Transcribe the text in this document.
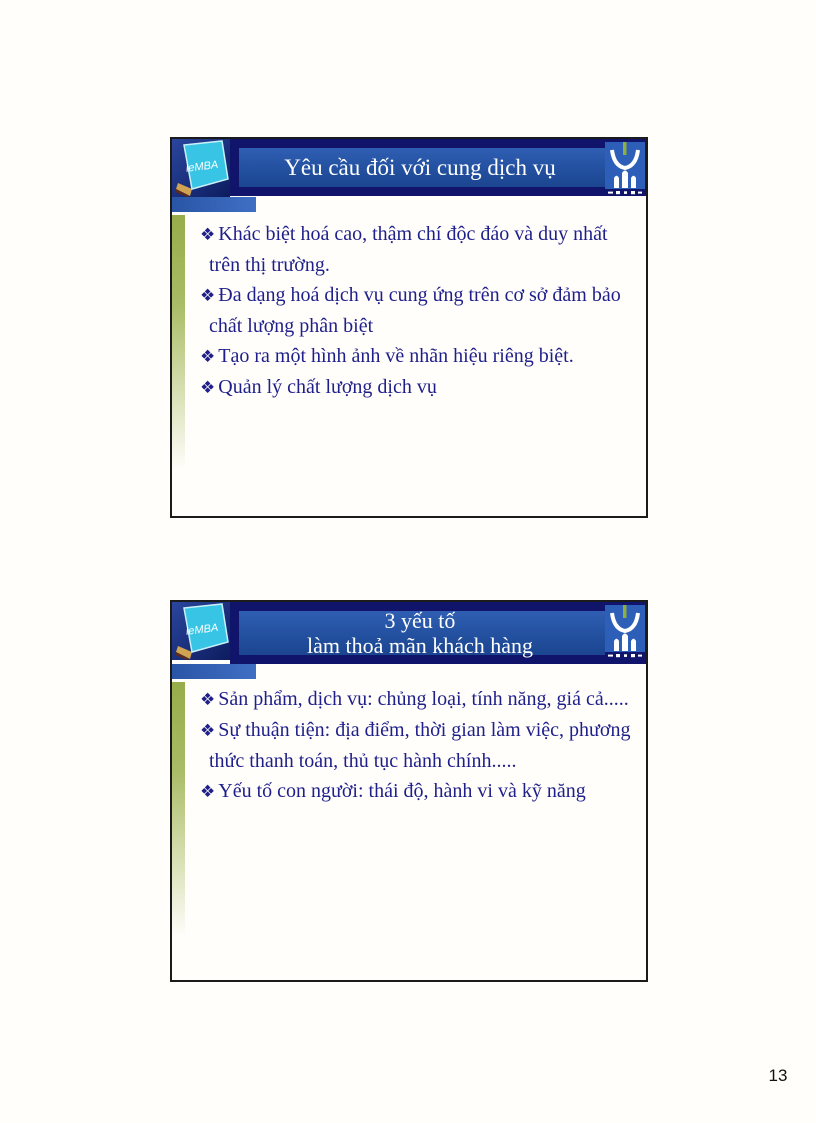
Yêu cầu đối với cung dịch vụ
leMBA
❖ Khác biệt hoá cao, thậm chí độc đáo và duy nhất trên thị trường.
❖ Đa dạng hoá dịch vụ cung ứng trên cơ sở đảm bảo chất lượng phân biệt
❖ Tạo ra một hình ảnh về nhãn hiệu riêng biệt.
❖ Quản lý chất lượng dịch vụ
3 yếu tố
làm thoả mãn khách hàng
leMBA
❖ Sản phẩm, dịch vụ: chủng loại, tính năng, giá cả.....
❖ Sự thuận tiện: địa điểm, thời gian làm việc, phương thức thanh toán, thủ tục hành chính.....
❖ Yếu tố con người: thái độ, hành vi và kỹ năng
13
